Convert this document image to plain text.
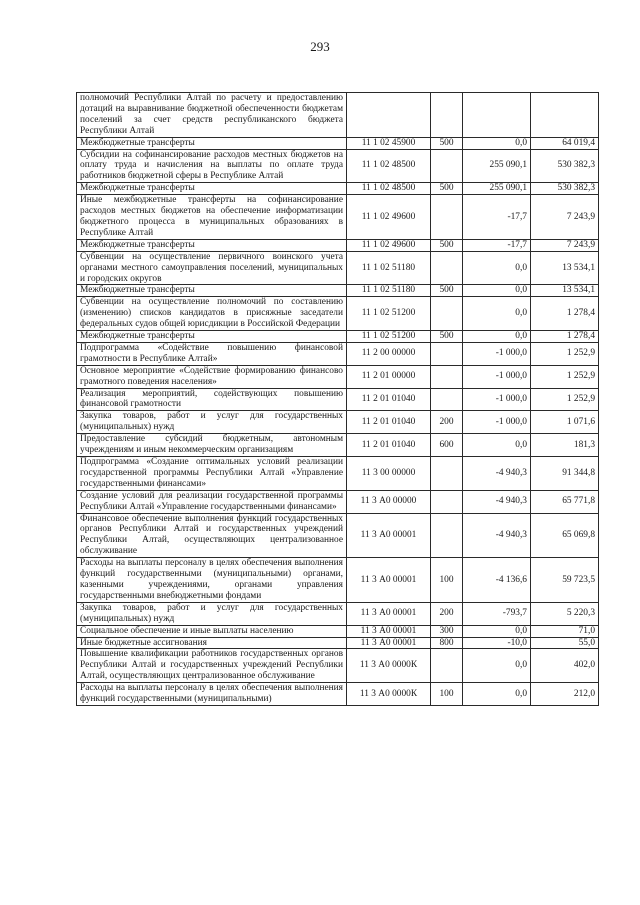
293
полномочий Республики Алтай по расчету и предоставлению дотаций на выравнивание бюджетной обеспеченности бюджетам поселений за счет средств республиканского бюджета Республики Алтай				
Межбюджетные трансферты	11 1 02 45900	500	0,0	64 019,4
Субсидии на софинансирование расходов местных бюджетов на оплату труда и начисления на выплаты по оплате труда работников бюджетной сферы в Республике Алтай	11 1 02 48500		255 090,1	530 382,3
Межбюджетные трансферты	11 1 02 48500	500	255 090,1	530 382,3
Иные межбюджетные трансферты на софинансирование расходов местных бюджетов на обеспечение информатизации бюджетного процесса в муниципальных образованиях в Республике Алтай	11 1 02 49600		-17,7	7 243,9
Межбюджетные трансферты	11 1 02 49600	500	-17,7	7 243,9
Субвенции на осуществление первичного воинского учета органами местного самоуправления поселений, муниципальных и городских округов	11 1 02 51180		0,0	13 534,1
Межбюджетные трансферты	11 1 02 51180	500	0,0	13 534,1
Субвенции на осуществление полномочий по составлению (изменению) списков кандидатов в присяжные заседатели федеральных судов общей юрисдикции в Российской Федерации	11 1 02 51200		0,0	1 278,4
Межбюджетные трансферты	11 1 02 51200	500	0,0	1 278,4
Подпрограмма «Содействие повышению финансовой грамотности в Республике Алтай»	11 2 00 00000		-1 000,0	1 252,9
Основное мероприятие «Содействие формированию финансово грамотного поведения населения»	11 2 01 00000		-1 000,0	1 252,9
Реализация мероприятий, содействующих повышению финансовой грамотности	11 2 01 01040		-1 000,0	1 252,9
Закупка товаров, работ и услуг для государственных (муниципальных) нужд	11 2 01 01040	200	-1 000,0	1 071,6
Предоставление субсидий бюджетным, автономным учреждениям и иным некоммерческим организациям	11 2 01 01040	600	0,0	181,3
Подпрограмма «Создание оптимальных условий реализации государственной программы Республики Алтай «Управление государственными финансами»	11 3 00 00000		-4 940,3	91 344,8
Создание условий для реализации государственной программы Республики Алтай «Управление государственными финансами»	11 3 А0 00000		-4 940,3	65 771,8
Финансовое обеспечение выполнения функций государственных органов Республики Алтай и государственных учреждений Республики Алтай, осуществляющих централизованное обслуживание	11 3 А0 00001		-4 940,3	65 069,8
Расходы на выплаты персоналу в целях обеспечения выполнения функций государственными (муниципальными) органами, казенными учреждениями, органами управления государственными внебюджетными фондами	11 3 А0 00001	100	-4 136,6	59 723,5
Закупка товаров, работ и услуг для государственных (муниципальных) нужд	11 3 А0 00001	200	-793,7	5 220,3
Социальное обеспечение и иные выплаты населению	11 3 А0 00001	300	0,0	71,0
Иные бюджетные ассигнования	11 3 А0 00001	800	-10,0	55,0
Повышение квалификации работников государственных органов Республики Алтай и государственных учреждений Республики Алтай, осуществляющих централизованное обслуживание	11 3 А0 0000К		0,0	402,0
Расходы на выплаты персоналу в целях обеспечения выполнения функций государственными (муниципальными)	11 3 А0 0000К	100	0,0	212,0
